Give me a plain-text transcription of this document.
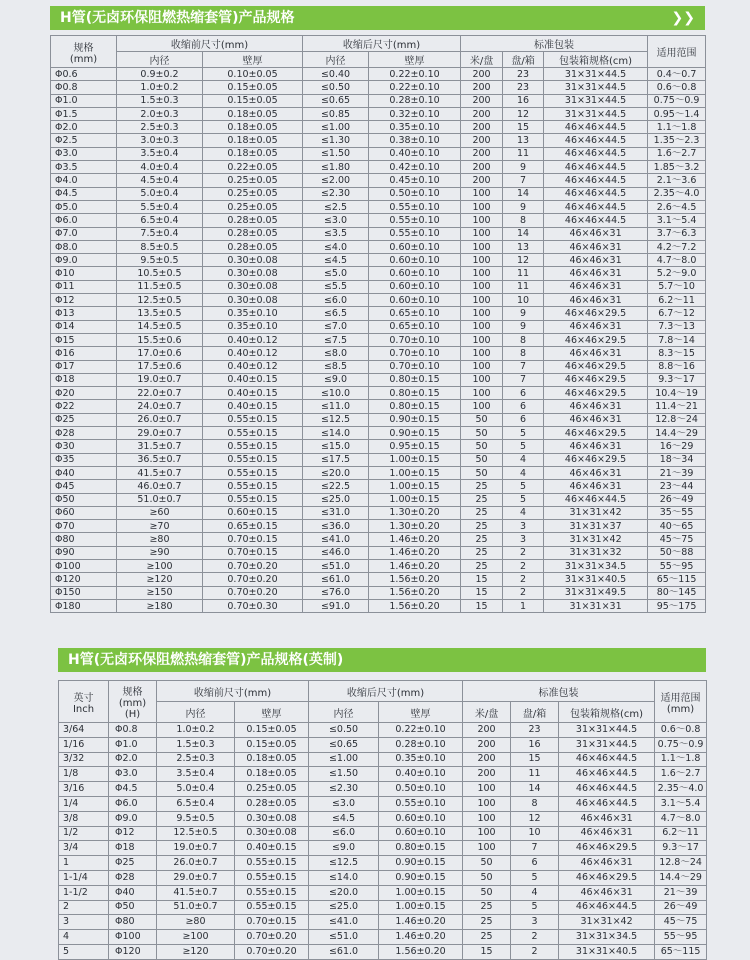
H管(无卤环保阻燃热缩套管)产品规格	❯❯
规格
(mm)	收缩前尺寸(mm)		收缩后尺寸(mm)		标准包装			适用范围
	内径	壁厚	内径	壁厚	米/盘	盘/箱	包装箱规格(cm)	
Φ0.6	0.9±0.2	0.10±0.05	≤0.40	0.22±0.10	200	23	31×31×44.5	0.4～0.7
Φ0.8	1.0±0.2	0.15±0.05	≤0.50	0.22±0.10	200	23	31×31×44.5	0.6～0.8
Φ1.0	1.5±0.3	0.15±0.05	≤0.65	0.28±0.10	200	16	31×31×44.5	0.75～0.9
Φ1.5	2.0±0.3	0.18±0.05	≤0.85	0.32±0.10	200	12	31×31×44.5	0.95～1.4
Φ2.0	2.5±0.3	0.18±0.05	≤1.00	0.35±0.10	200	15	46×46×44.5	1.1～1.8
Φ2.5	3.0±0.3	0.18±0.05	≤1.30	0.38±0.10	200	13	46×46×44.5	1.35～2.3
Φ3.0	3.5±0.4	0.18±0.05	≤1.50	0.40±0.10	200	11	46×46×44.5	1.6～2.7
Φ3.5	4.0±0.4	0.22±0.05	≤1.80	0.42±0.10	200	9	46×46×44.5	1.85～3.2
Φ4.0	4.5±0.4	0.25±0.05	≤2.00	0.45±0.10	200	7	46×46×44.5	2.1～3.6
Φ4.5	5.0±0.4	0.25±0.05	≤2.30	0.50±0.10	100	14	46×46×44.5	2.35～4.0
Φ5.0	5.5±0.4	0.25±0.05	≤2.5	0.55±0.10	100	9	46×46×44.5	2.6～4.5
Φ6.0	6.5±0.4	0.28±0.05	≤3.0	0.55±0.10	100	8	46×46×44.5	3.1～5.4
Φ7.0	7.5±0.4	0.28±0.05	≤3.5	0.55±0.10	100	14	46×46×31	3.7～6.3
Φ8.0	8.5±0.5	0.28±0.05	≤4.0	0.60±0.10	100	13	46×46×31	4.2～7.2
Φ9.0	9.5±0.5	0.30±0.08	≤4.5	0.60±0.10	100	12	46×46×31	4.7～8.0
Φ10	10.5±0.5	0.30±0.08	≤5.0	0.60±0.10	100	11	46×46×31	5.2～9.0
Φ11	11.5±0.5	0.30±0.08	≤5.5	0.60±0.10	100	11	46×46×31	5.7～10
Φ12	12.5±0.5	0.30±0.08	≤6.0	0.60±0.10	100	10	46×46×31	6.2～11
Φ13	13.5±0.5	0.35±0.10	≤6.5	0.65±0.10	100	9	46×46×29.5	6.7～12
Φ14	14.5±0.5	0.35±0.10	≤7.0	0.65±0.10	100	9	46×46×31	7.3～13
Φ15	15.5±0.6	0.40±0.12	≤7.5	0.70±0.10	100	8	46×46×29.5	7.8～14
Φ16	17.0±0.6	0.40±0.12	≤8.0	0.70±0.10	100	8	46×46×31	8.3～15
Φ17	17.5±0.6	0.40±0.12	≤8.5	0.70±0.10	100	7	46×46×29.5	8.8～16
Φ18	19.0±0.7	0.40±0.15	≤9.0	0.80±0.15	100	7	46×46×29.5	9.3～17
Φ20	22.0±0.7	0.40±0.15	≤10.0	0.80±0.15	100	6	46×46×29.5	10.4～19
Φ22	24.0±0.7	0.40±0.15	≤11.0	0.80±0.15	100	6	46×46×31	11.4～21
Φ25	26.0±0.7	0.55±0.15	≤12.5	0.90±0.15	50	6	46×46×31	12.8～24
Φ28	29.0±0.7	0.55±0.15	≤14.0	0.90±0.15	50	5	46×46×29.5	14.4～29
Φ30	31.5±0.7	0.55±0.15	≤15.0	0.95±0.15	50	5	46×46×31	16～29
Φ35	36.5±0.7	0.55±0.15	≤17.5	1.00±0.15	50	4	46×46×29.5	18～34
Φ40	41.5±0.7	0.55±0.15	≤20.0	1.00±0.15	50	4	46×46×31	21～39
Φ45	46.0±0.7	0.55±0.15	≤22.5	1.00±0.15	25	5	46×46×31	23～44
Φ50	51.0±0.7	0.55±0.15	≤25.0	1.00±0.15	25	5	46×46×44.5	26～49
Φ60	≥60	0.60±0.15	≤31.0	1.30±0.20	25	4	31×31×42	35～55
Φ70	≥70	0.65±0.15	≤36.0	1.30±0.20	25	3	31×31×37	40～65
Φ80	≥80	0.70±0.15	≤41.0	1.46±0.20	25	3	31×31×42	45～75
Φ90	≥90	0.70±0.15	≤46.0	1.46±0.20	25	2	31×31×32	50～88
Φ100	≥100	0.70±0.20	≤51.0	1.46±0.20	25	2	31×31×34.5	55～95
Φ120	≥120	0.70±0.20	≤61.0	1.56±0.20	15	2	31×31×40.5	65～115
Φ150	≥150	0.70±0.20	≤76.0	1.56±0.20	15	2	31×31×49.5	80～145
Φ180	≥180	0.70±0.30	≤91.0	1.56±0.20	15	1	31×31×31	95～175
H管(无卤环保阻燃热缩套管)产品规格(英制)
英寸
Inch	规格
(mm)
(H)	收缩前尺寸(mm)		收缩后尺寸(mm)		标准包装			适用范围
(mm)
		内径	壁厚	内径	壁厚	米/盘	盘/箱	包装箱规格(cm)	
3/64	Φ0.8	1.0±0.2	0.15±0.05	≤0.50	0.22±0.10	200	23	31×31×44.5	0.6～0.8
1/16	Φ1.0	1.5±0.3	0.15±0.05	≤0.65	0.28±0.10	200	16	31×31×44.5	0.75～0.9
3/32	Φ2.0	2.5±0.3	0.18±0.05	≤1.00	0.35±0.10	200	15	46×46×44.5	1.1～1.8
1/8	Φ3.0	3.5±0.4	0.18±0.05	≤1.50	0.40±0.10	200	11	46×46×44.5	1.6～2.7
3/16	Φ4.5	5.0±0.4	0.25±0.05	≤2.30	0.50±0.10	100	14	46×46×44.5	2.35～4.0
1/4	Φ6.0	6.5±0.4	0.28±0.05	≤3.0	0.55±0.10	100	8	46×46×44.5	3.1～5.4
3/8	Φ9.0	9.5±0.5	0.30±0.08	≤4.5	0.60±0.10	100	12	46×46×31	4.7～8.0
1/2	Φ12	12.5±0.5	0.30±0.08	≤6.0	0.60±0.10	100	10	46×46×31	6.2～11
3/4	Φ18	19.0±0.7	0.40±0.15	≤9.0	0.80±0.15	100	7	46×46×29.5	9.3～17
1	Φ25	26.0±0.7	0.55±0.15	≤12.5	0.90±0.15	50	6	46×46×31	12.8～24
1-1/4	Φ28	29.0±0.7	0.55±0.15	≤14.0	0.90±0.15	50	5	46×46×29.5	14.4～29
1-1/2	Φ40	41.5±0.7	0.55±0.15	≤20.0	1.00±0.15	50	4	46×46×31	21～39
2	Φ50	51.0±0.7	0.55±0.15	≤25.0	1.00±0.15	25	5	46×46×44.5	26～49
3	Φ80	≥80	0.70±0.15	≤41.0	1.46±0.20	25	3	31×31×42	45～75
4	Φ100	≥100	0.70±0.20	≤51.0	1.46±0.20	25	2	31×31×34.5	55～95
5	Φ120	≥120	0.70±0.20	≤61.0	1.56±0.20	15	2	31×31×40.5	65～115
